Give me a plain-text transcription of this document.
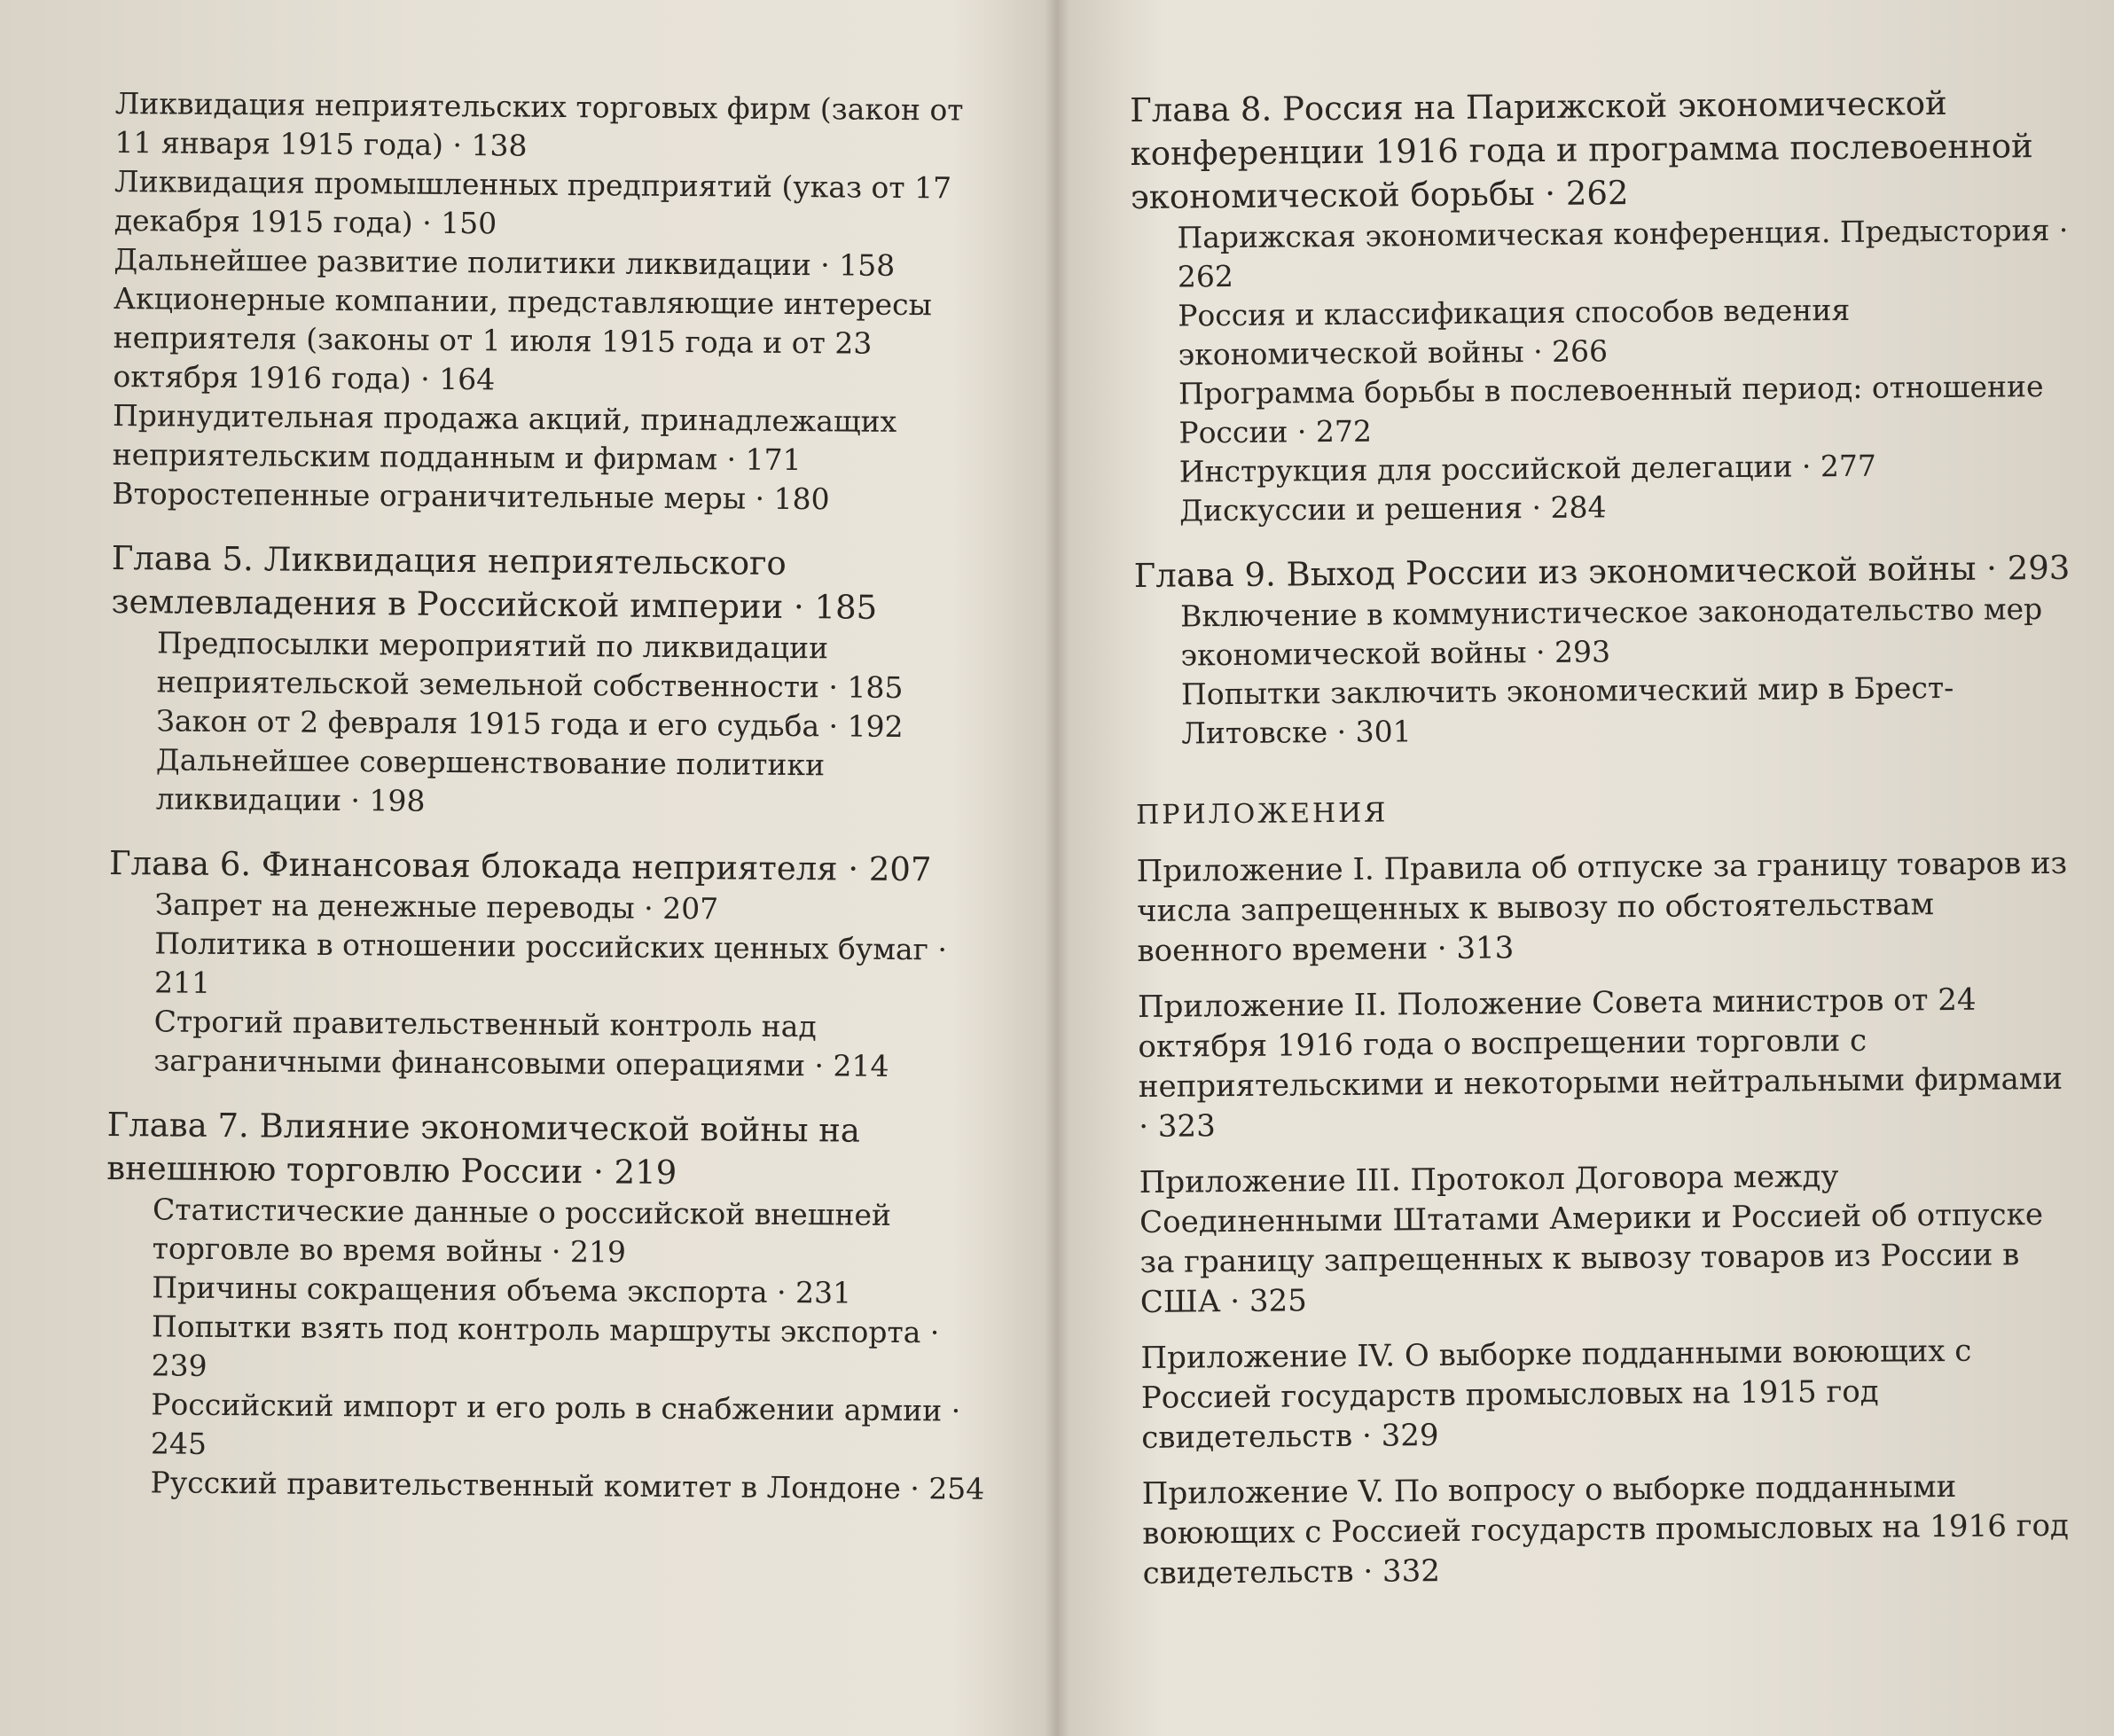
Ликвидация неприятельских торговых фирм (закон от 11 января 1915 года) · 138
Ликвидация промышленных предприятий (указ от 17 декабря 1915 года) · 150
Дальнейшее развитие политики ликвидации · 158
Акционерные компании, представляющие интересы неприятеля (законы от 1 июля 1915 года и от 23 октября 1916 года) · 164
Принудительная продажа акций, принадлежащих неприятельским подданным и фирмам · 171
Второстепенные ограничительные меры · 180
Глава 5. Ликвидация неприятельского землевладения в Российской империи · 185
Предпосылки мероприятий по ликвидации неприятельской земельной собственности · 185
Закон от 2 февраля 1915 года и его судьба · 192
Дальнейшее совершенствование политики ликвидации · 198
Глава 6. Финансовая блокада неприятеля · 207
Запрет на денежные переводы · 207
Политика в отношении российских ценных бумаг · 211
Строгий правительственный контроль над заграничными финансовыми операциями · 214
Глава 7. Влияние экономической войны на внешнюю торговлю России · 219
Статистические данные о российской внешней торговле во время войны · 219
Причины сокращения объема экспорта · 231
Попытки взять под контроль маршруты экспорта · 239
Российский импорт и его роль в снабжении армии · 245
Русский правительственный комитет в Лондоне · 254
Глава 8. Россия на Парижской экономической конференции 1916 года и программа послевоенной экономической борьбы · 262
Парижская экономическая конференция. Предыстория · 262
Россия и классификация способов ведения экономической войны · 266
Программа борьбы в послевоенный период: отношение России · 272
Инструкция для российской делегации · 277
Дискуссии и решения · 284
Глава 9. Выход России из экономической войны · 293
Включение в коммунистическое законодательство мер экономической войны · 293
Попытки заключить экономический мир в Брест-Литовске · 301
ПРИЛОЖЕНИЯ
Приложение I. Правила об отпуске за границу товаров из числа запрещенных к вывозу по обстоятельствам военного времени · 313
Приложение II. Положение Совета министров от 24 октября 1916 года о воспрещении торговли с неприятельскими и некоторыми нейтральными фирмами · 323
Приложение III. Протокол Договора между Соединенными Штатами Америки и Россией об отпуске за границу запрещенных к вывозу товаров из России в США · 325
Приложение IV. О выборке подданными воюющих с Россией государств промысловых на 1915 год свидетельств · 329
Приложение V. По вопросу о выборке подданными воюющих с Россией государств промысловых на 1916 год свидетельств · 332
